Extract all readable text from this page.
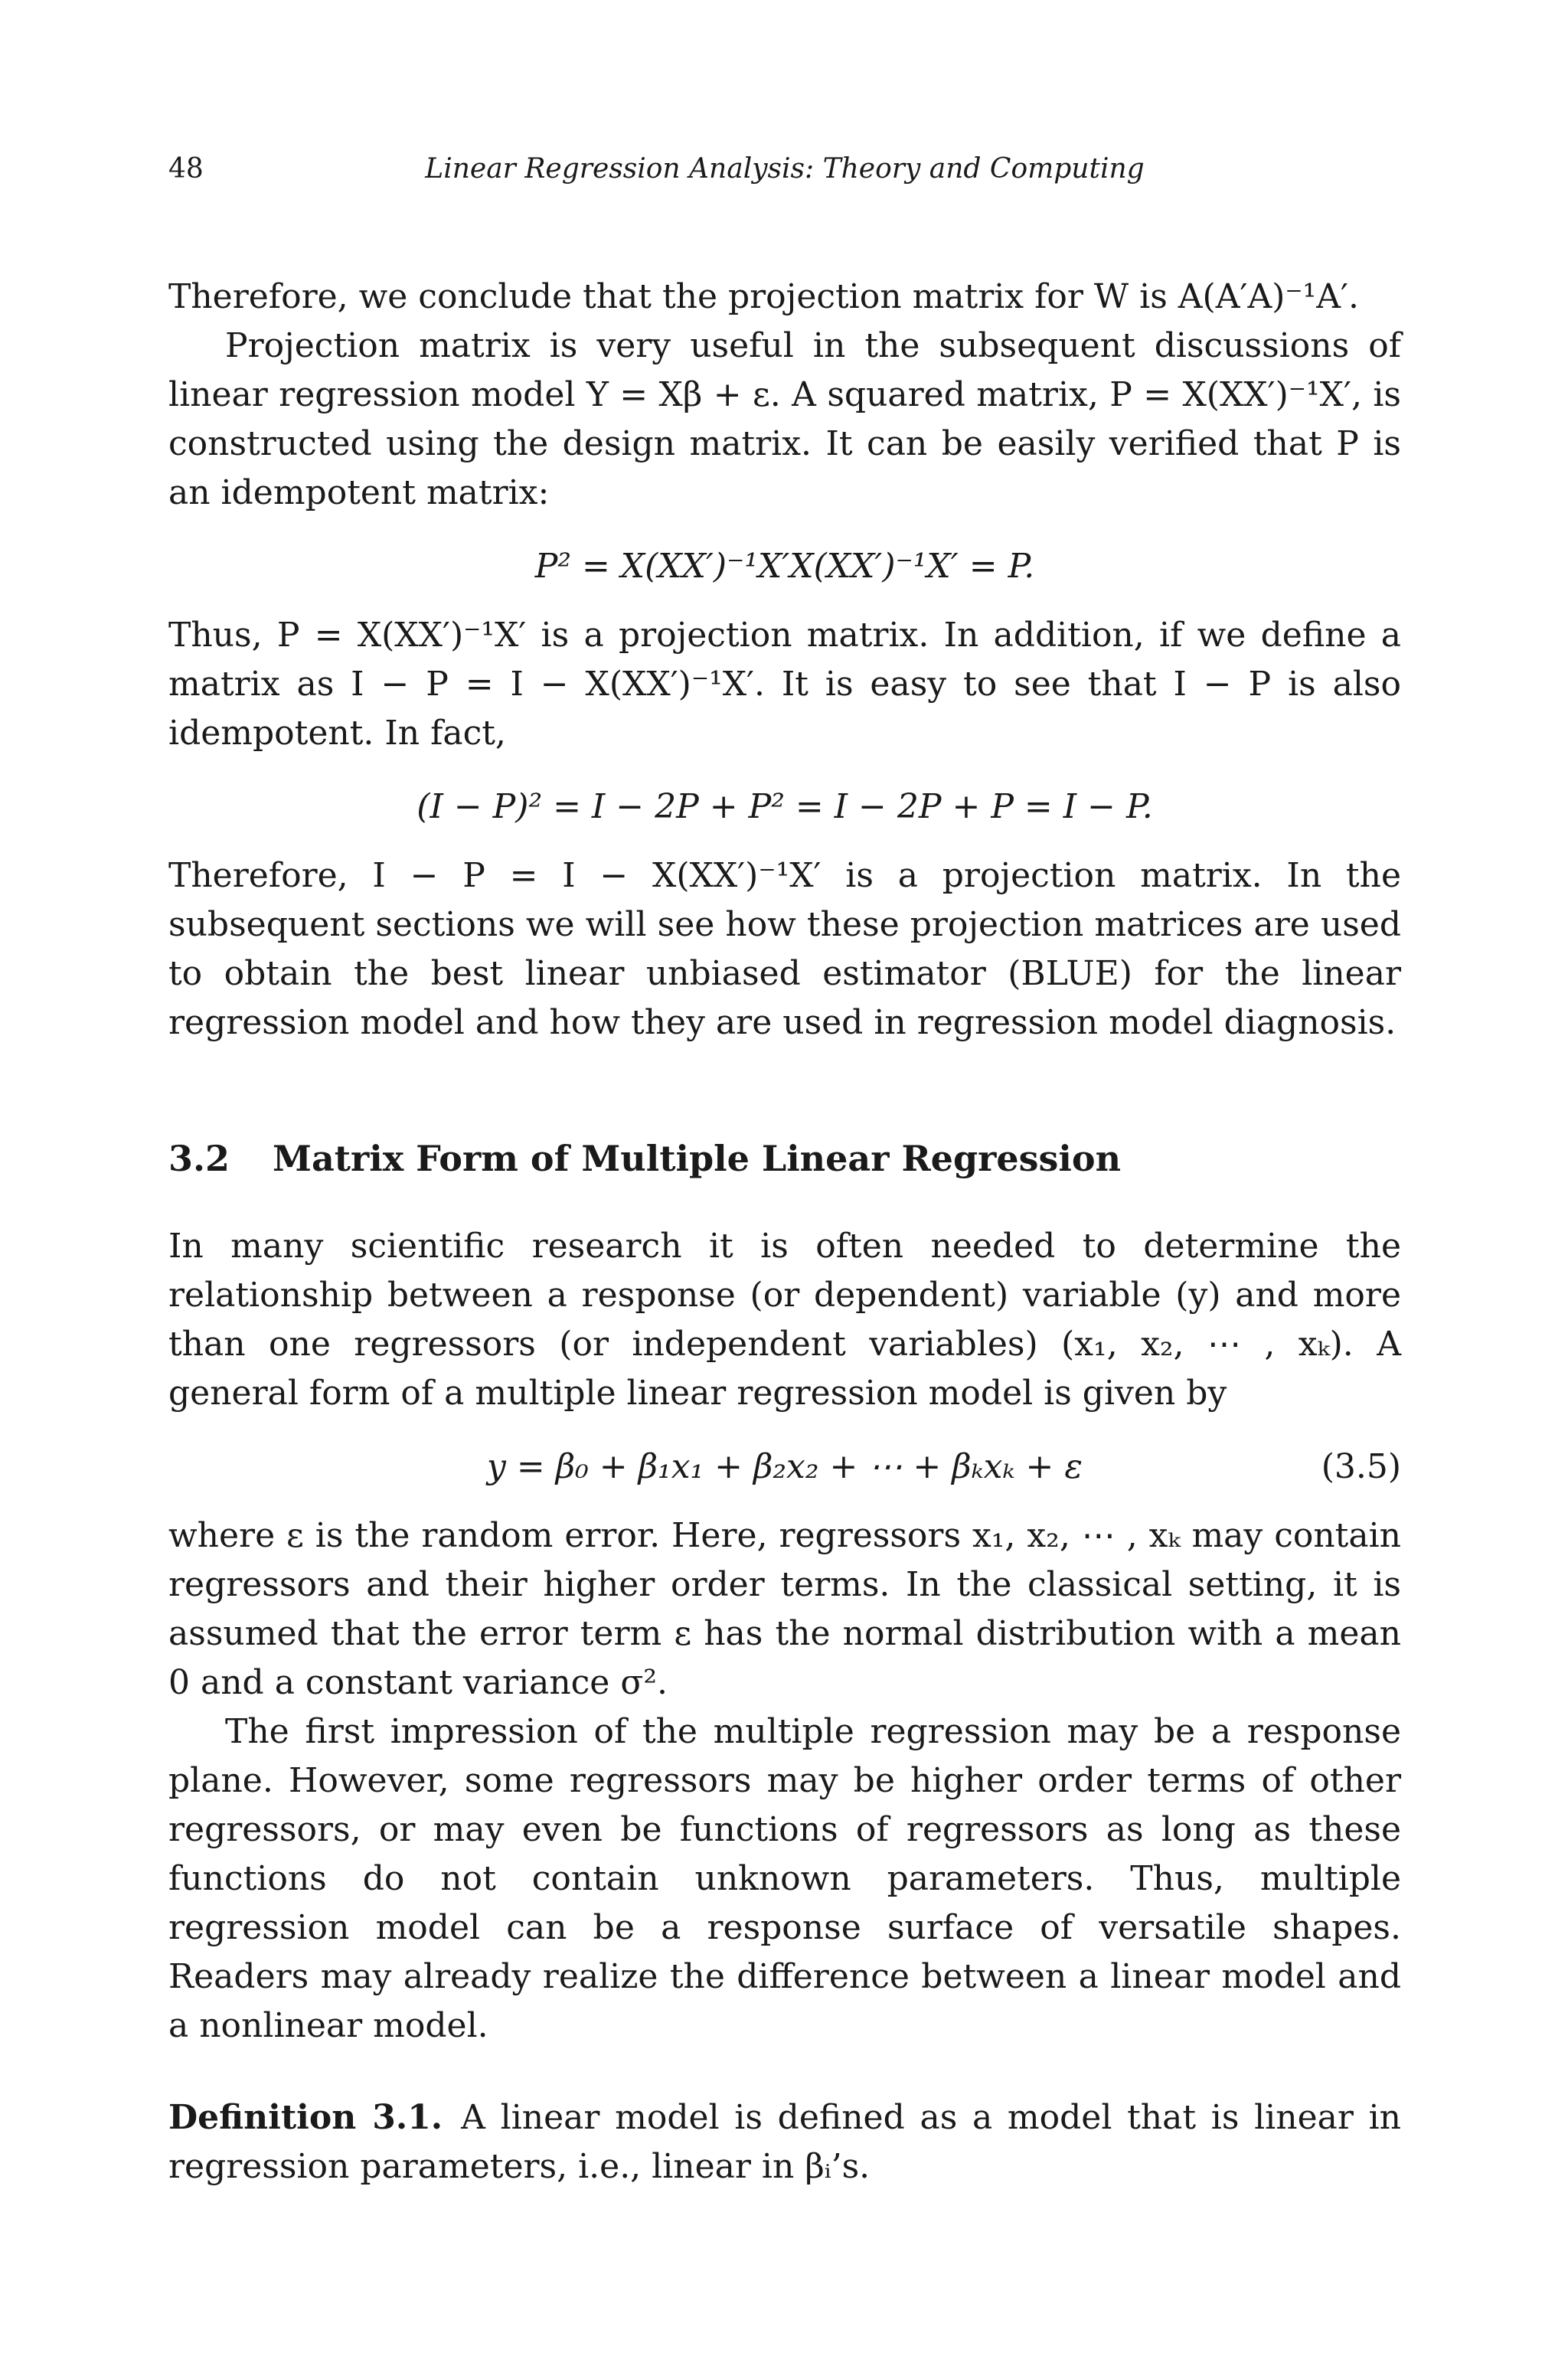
48	Linear Regression Analysis: Theory and Computing

Therefore, we conclude that the projection matrix for W is A(A′A)⁻¹A′.

Projection matrix is very useful in the subsequent discussions of linear regression model Y = Xβ + ε. A squared matrix, P = X(XX′)⁻¹X′, is constructed using the design matrix. It can be easily verified that P is an idempotent matrix:

P² = X(XX′)⁻¹X′X(XX′)⁻¹X′ = P.

Thus, P = X(XX′)⁻¹X′ is a projection matrix. In addition, if we define a matrix as I − P = I − X(XX′)⁻¹X′. It is easy to see that I − P is also idempotent. In fact,

(I − P)² = I − 2P + P² = I − 2P + P = I − P.

Therefore, I − P = I − X(XX′)⁻¹X′ is a projection matrix. In the subsequent sections we will see how these projection matrices are used to obtain the best linear unbiased estimator (BLUE) for the linear regression model and how they are used in regression model diagnosis.

3.2 Matrix Form of Multiple Linear Regression

In many scientific research it is often needed to determine the relationship between a response (or dependent) variable (y) and more than one regressors (or independent variables) (x₁, x₂, ⋯ , xₖ). A general form of a multiple linear regression model is given by

y = β₀ + β₁x₁ + β₂x₂ + ⋯ + βₖxₖ + ε	(3.5)

where ε is the random error. Here, regressors x₁, x₂, ⋯ , xₖ may contain regressors and their higher order terms. In the classical setting, it is assumed that the error term ε has the normal distribution with a mean 0 and a constant variance σ².

The first impression of the multiple regression may be a response plane. However, some regressors may be higher order terms of other regressors, or may even be functions of regressors as long as these functions do not contain unknown parameters. Thus, multiple regression model can be a response surface of versatile shapes. Readers may already realize the difference between a linear model and a nonlinear model.

Definition 3.1. A linear model is defined as a model that is linear in regression parameters, i.e., linear in βᵢ’s.
